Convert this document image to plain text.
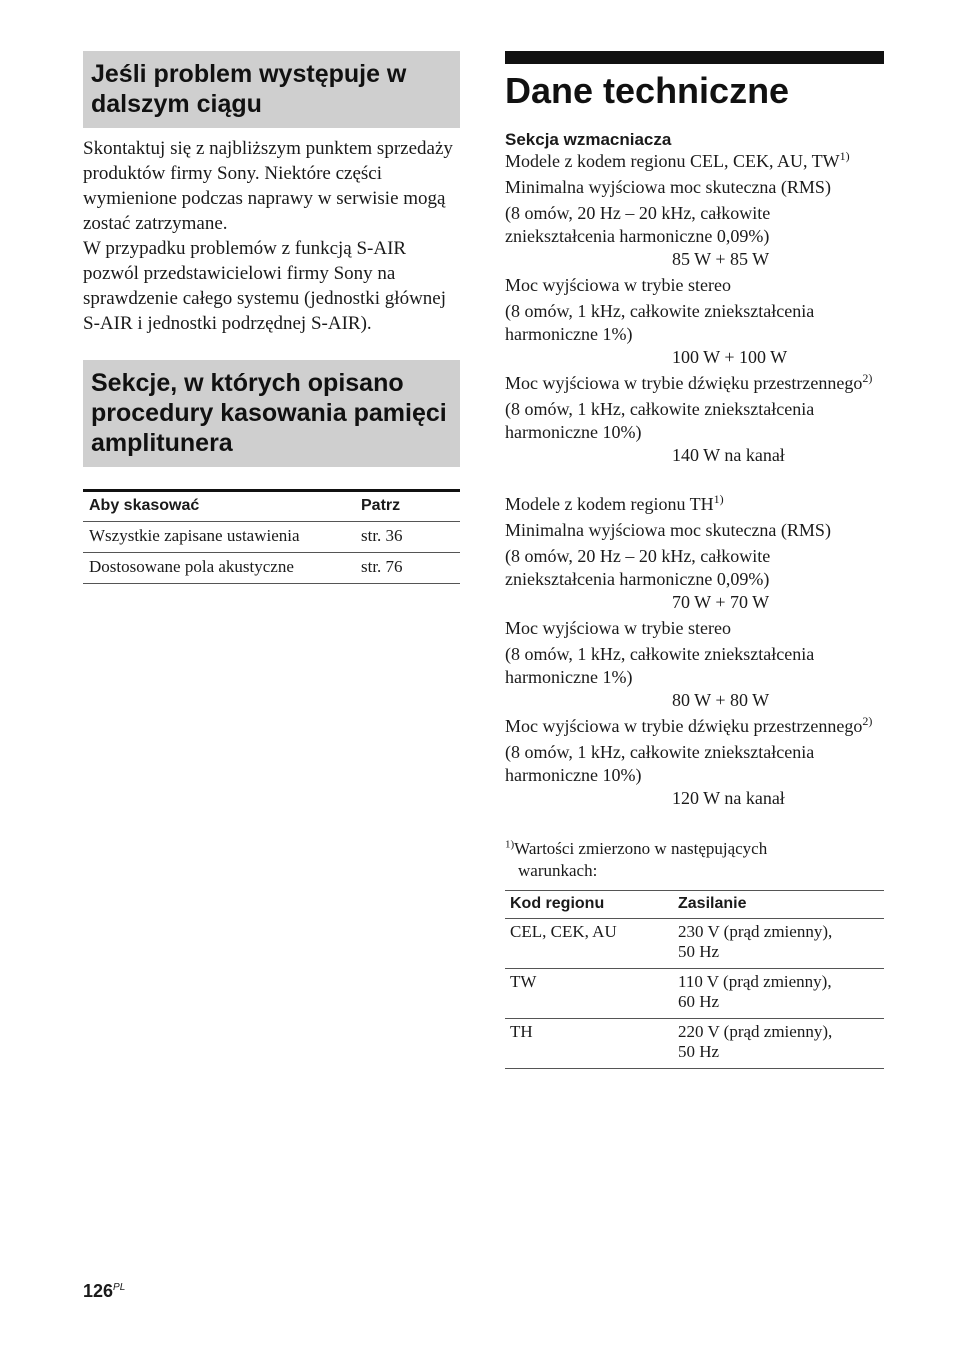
Jeśli problem występuje w dalszym ciągu

Skontaktuj się z najbliższym punktem sprzedaży produktów firmy Sony. Niektóre części wymienione podczas naprawy w serwisie mogą zostać zatrzymane.

W przypadku problemów z funkcją S-AIR pozwól przedstawicielowi firmy Sony na sprawdzenie całego systemu (jednostki głównej S-AIR i jednostki podrzędnej S-AIR).

Sekcje, w których opisano procedury kasowania pamięci amplitunera
Aby skasować	Patrz
Wszystkie zapisane ustawienia	str. 36
Dostosowane pola akustyczne	str. 76
Dane techniczne
Sekcja wzmacniacza
Modele z kodem regionu CEL, CEK, AU, TW$^{1)}$
Minimalna wyjściowa moc skuteczna (RMS)
(8 omów, 20 Hz – 20 kHz, całkowite zniekształcenia harmoniczne 0,09%)
85 W + 85 W
Moc wyjściowa w trybie stereo
(8 omów, 1 kHz, całkowite zniekształcenia harmoniczne 1%)
100 W + 100 W
Moc wyjściowa w trybie dźwięku przestrzennego$^{2)}$
(8 omów, 1 kHz, całkowite zniekształcenia harmoniczne 10%)
140 W na kanał
Modele z kodem regionu TH$^{1)}$
Minimalna wyjściowa moc skuteczna (RMS)
(8 omów, 20 Hz – 20 kHz, całkowite zniekształcenia harmoniczne 0,09%)
70 W + 70 W
Moc wyjściowa w trybie stereo
(8 omów, 1 kHz, całkowite zniekształcenia harmoniczne 1%)
80 W + 80 W
Moc wyjściowa w trybie dźwięku przestrzennego$^{2)}$
(8 omów, 1 kHz, całkowite zniekształcenia harmoniczne 10%)
120 W na kanał
$^{1)}$Wartości zmierzono w następujących
warunkach:
Kod regionu	Zasilanie
CEL, CEK, AU	230 V (prąd zmienny),
50 Hz

TW	110 V (prąd zmienny),
60 Hz

TH	220 V (prąd zmienny),
50 Hz
$126^{PL}$
